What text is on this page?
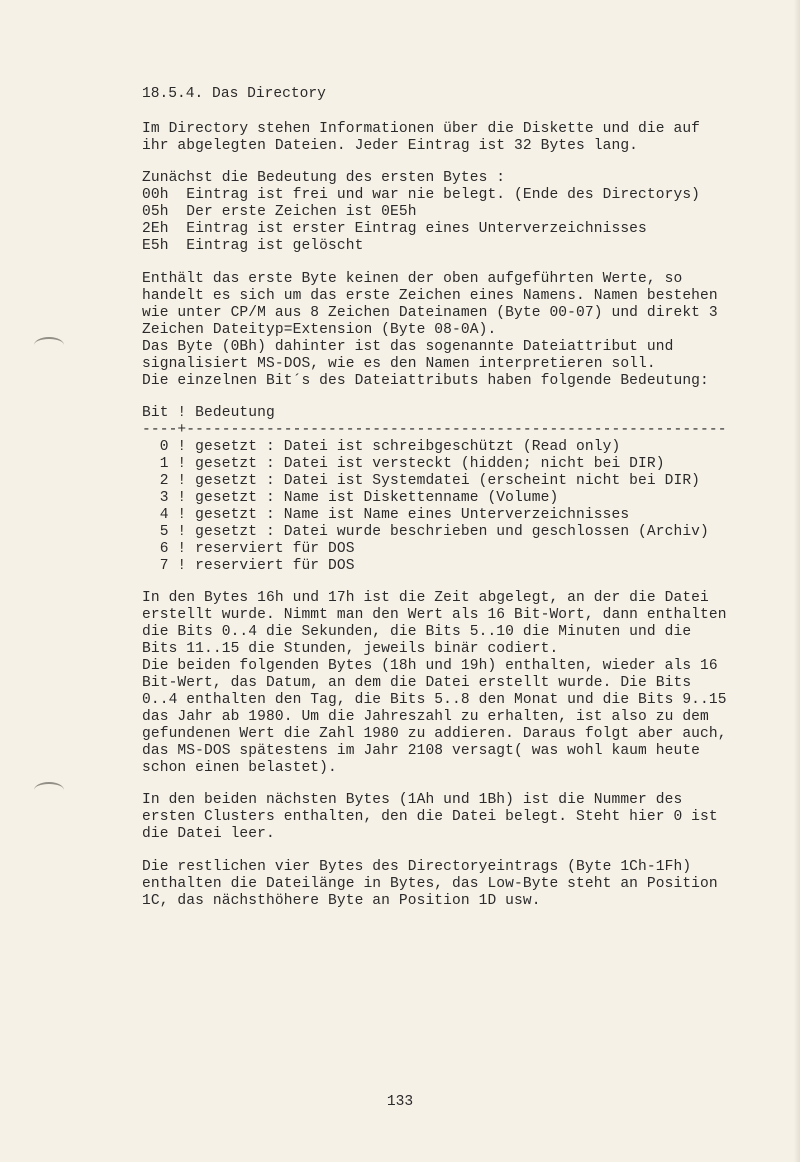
18.5.4. Das Directory
Im Directory stehen Informationen über die Diskette und die auf
ihr abgelegten Dateien. Jeder Eintrag ist 32 Bytes lang.
Zunächst die Bedeutung des ersten Bytes :
00h  Eintrag ist frei und war nie belegt. (Ende des Directorys)
05h  Der erste Zeichen ist 0E5h
2Eh  Eintrag ist erster Eintrag eines Unterverzeichnisses
E5h  Eintrag ist gelöscht
Enthält das erste Byte keinen der oben aufgeführten Werte, so
handelt es sich um das erste Zeichen eines Namens. Namen bestehen
wie unter CP/M aus 8 Zeichen Dateinamen (Byte 00-07) und direkt 3
Zeichen Dateityp=Extension (Byte 08-0A).
Das Byte (0Bh) dahinter ist das sogenannte Dateiattribut und
signalisiert MS-DOS, wie es den Namen interpretieren soll.
Die einzelnen Bit´s des Dateiattributs haben folgende Bedeutung:
Bit ! Bedeutung
----+-------------------------------------------------------------
0 ! gesetzt : Datei ist schreibgeschützt (Read only)
1 ! gesetzt : Datei ist versteckt (hidden; nicht bei DIR)
2 ! gesetzt : Datei ist Systemdatei (erscheint nicht bei DIR)
3 ! gesetzt : Name ist Diskettenname (Volume)
4 ! gesetzt : Name ist Name eines Unterverzeichnisses
5 ! gesetzt : Datei wurde beschrieben und geschlossen (Archiv)
6 ! reserviert für DOS
7 ! reserviert für DOS
In den Bytes 16h und 17h ist die Zeit abgelegt, an der die Datei
erstellt wurde. Nimmt man den Wert als 16 Bit-Wort, dann enthalten
die Bits 0..4 die Sekunden, die Bits 5..10 die Minuten und die
Bits 11..15 die Stunden, jeweils binär codiert.
Die beiden folgenden Bytes (18h und 19h) enthalten, wieder als 16
Bit-Wert, das Datum, an dem die Datei erstellt wurde. Die Bits
0..4 enthalten den Tag, die Bits 5..8 den Monat und die Bits 9..15
das Jahr ab 1980. Um die Jahreszahl zu erhalten, ist also zu dem
gefundenen Wert die Zahl 1980 zu addieren. Daraus folgt aber auch,
das MS-DOS spätestens im Jahr 2108 versagt( was wohl kaum heute
schon einen belastet).
In den beiden nächsten Bytes (1Ah und 1Bh) ist die Nummer des
ersten Clusters enthalten, den die Datei belegt. Steht hier 0 ist
die Datei leer.
Die restlichen vier Bytes des Directoryeintrags (Byte 1Ch-1Fh)
enthalten die Dateilänge in Bytes, das Low-Byte steht an Position
1C, das nächsthöhere Byte an Position 1D usw.
133
